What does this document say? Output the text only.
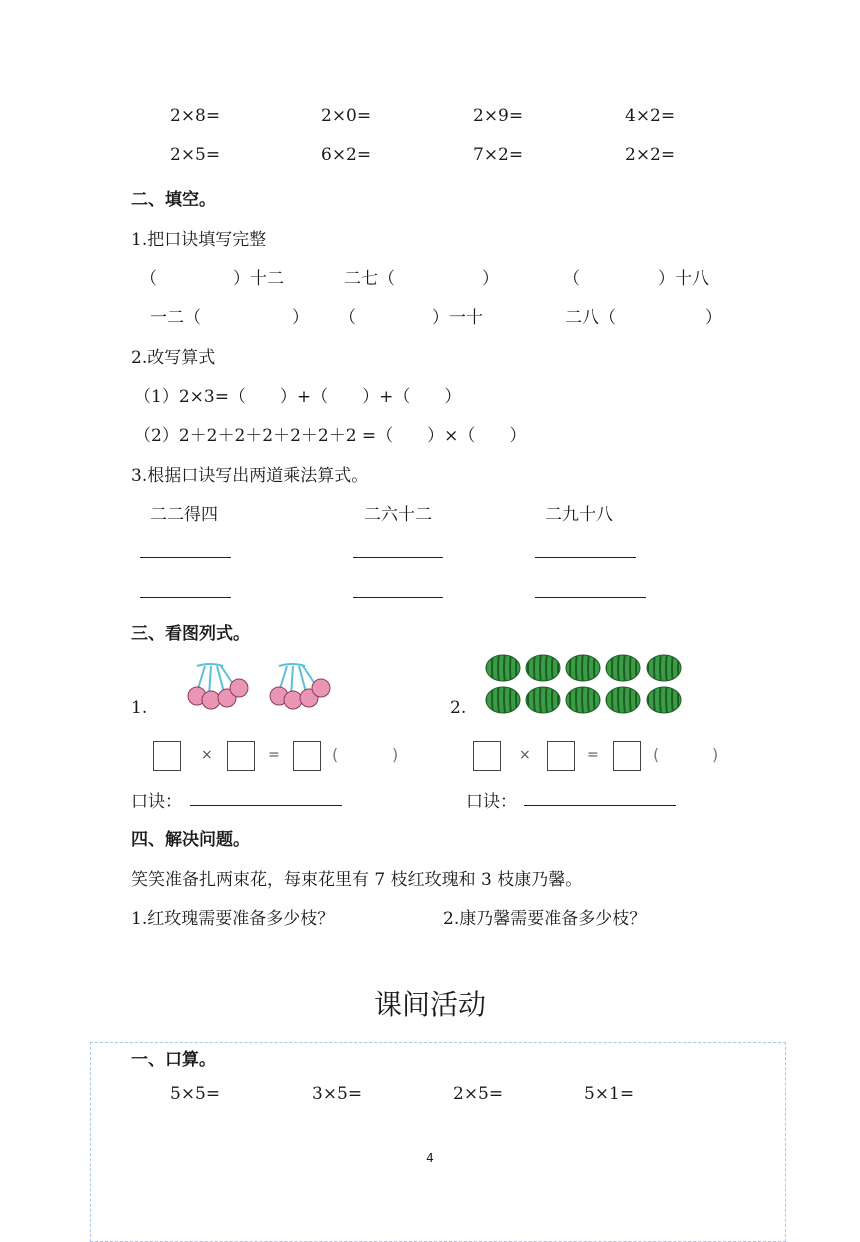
2×8=	2×0=	2×9=	4×2=
2×5=	6×2=	7×2=	2×2=
二、填空。
1.把口诀填写完整
（	）十二	二七（	）	（	）十八
一二（	） （	）一十	二八（	）
2.改写算式
（1）2×3=（　　）+（　　）+（　　）
（2）2＋2＋2＋2＋2＋2＋2 =（　　）×（　　）
3.根据口诀写出两道乘法算式。
二二得四	二六十二	二九十八
三、看图列式。
1.	2.
×	=	(	)	×	=	(	)
口诀：	口诀：
四、解决问题。
笑笑准备扎两束花，每束花里有 7 枝红玫瑰和 3 枝康乃馨。
1.红玫瑰需要准备多少枝？	2.康乃馨需要准备多少枝？
课间活动
一、口算。
5×5=	3×5=	2×5=	5×1=
4
